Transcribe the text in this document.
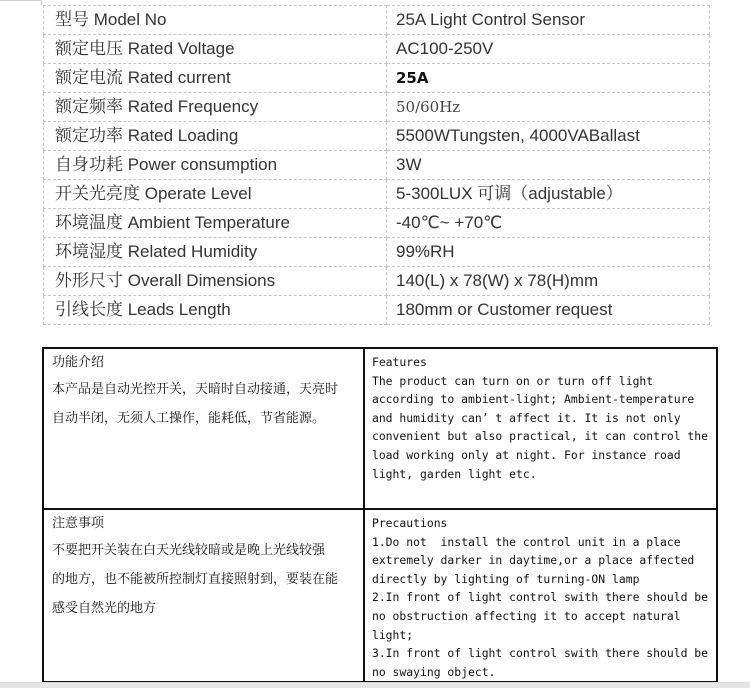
型号 Model No	25A Light Control Sensor
额定电压 Rated Voltage	AC100-250V
额定电流 Rated current	25A
额定频率 Rated Frequency	50/60Hz
额定功率 Rated Loading	5500WTungsten, 4000VABallast
自身功耗 Power consumption	3W
开关光亮度 Operate Level	5-300LUX 可调（adjustable）
环境温度 Ambient Temperature	-40℃~ +70℃
环境湿度 Related Humidity	99%RH
外形尺寸 Overall Dimensions	140(L) x 78(W) x 78(H)mm
引线长度 Leads Length	180mm or Customer request
功能介绍
本产品是自动光控开关，天暗时自动接通，天亮时
自动半闭，无须人工操作，能耗低，节省能源。

Features
The product can turn on or turn off light
according to ambient-light; Ambient-temperature
and humidity can’ t affect it. It is not only
convenient but also practical, it can control the
load working only at night. For instance road
light, garden light etc.

注意事项
不要把开关装在白天光线较暗或是晚上光线较强
的地方，也不能被所控制灯直接照射到，要装在能
感受自然光的地方

Precautions
1.Do not  install the control unit in a place
extremely darker in daytime,or a place affected
directly by lighting of turning-ON lamp
2.In front of light control swith there should be
no obstruction affecting it to accept natural
light;
3.In front of light control swith there should be
no swaying object.
